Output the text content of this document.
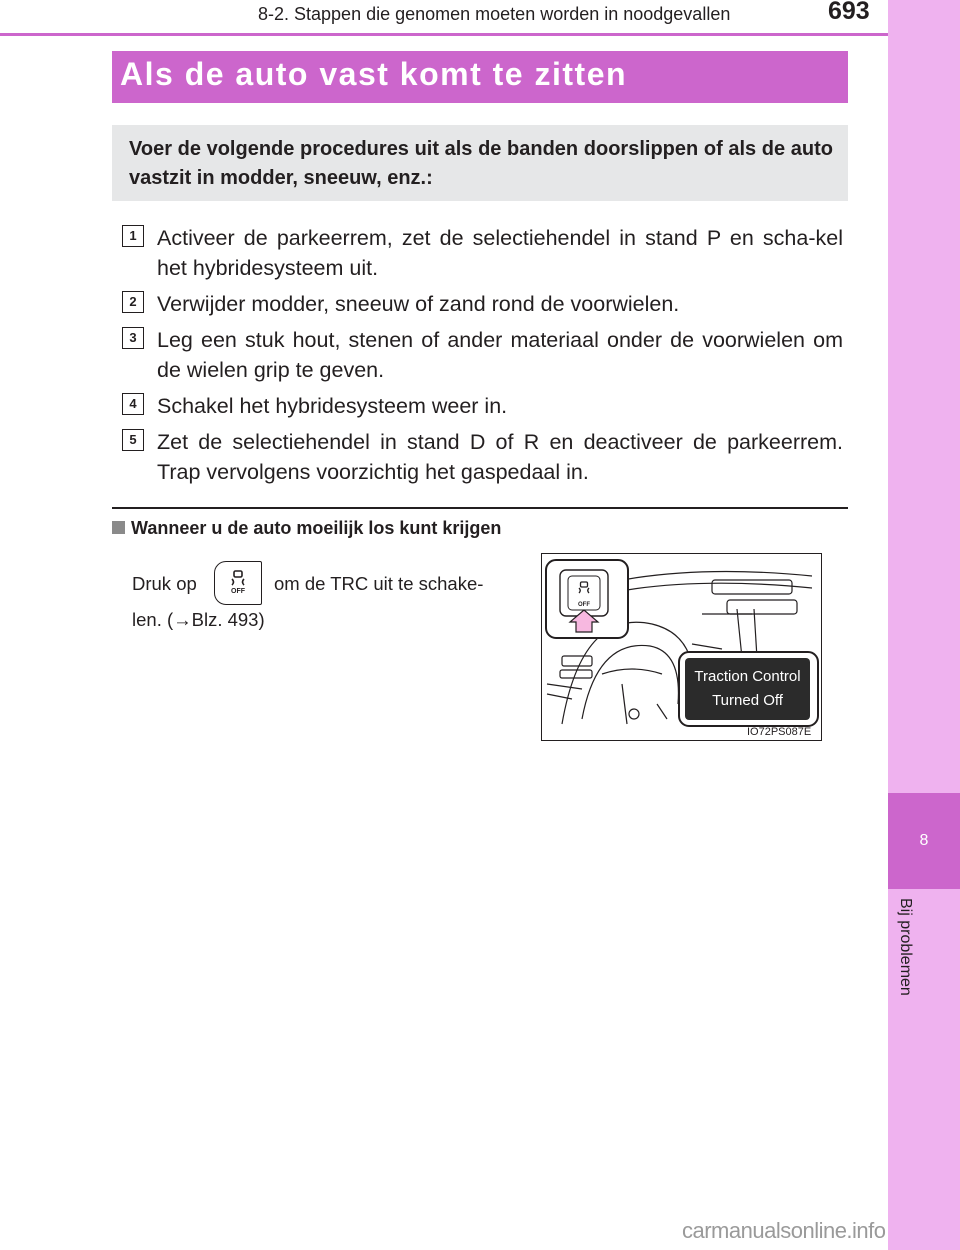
8-2. Stappen die genomen moeten worden in noodgevallen	693
8
Bij problemen
Als de auto vast komt te zitten

Voer de volgende procedures uit als de banden doorslippen of als de auto vastzit in modder, sneeuw, enz.:

1 Activeer de parkeerrem, zet de selectiehendel in stand P en scha-kel het hybridesysteem uit.
2 Verwijder modder, sneeuw of zand rond de voorwielen.
3 Leg een stuk hout, stenen of ander materiaal onder de voorwielen om de wielen grip te geven.
4 Schakel het hybridesysteem weer in.
5 Zet de selectiehendel in stand D of R en deactiveer de parkeerrem. Trap vervolgens voorzichtig het gaspedaal in.
Wanneer u de auto moeilijk los kunt krijgen
Druk op	OFF om de TRC uit te schake-
len. (→Blz. 493)
OFF
Traction Control
Turned Off
IO72PS087E
carmanualsonline.info
